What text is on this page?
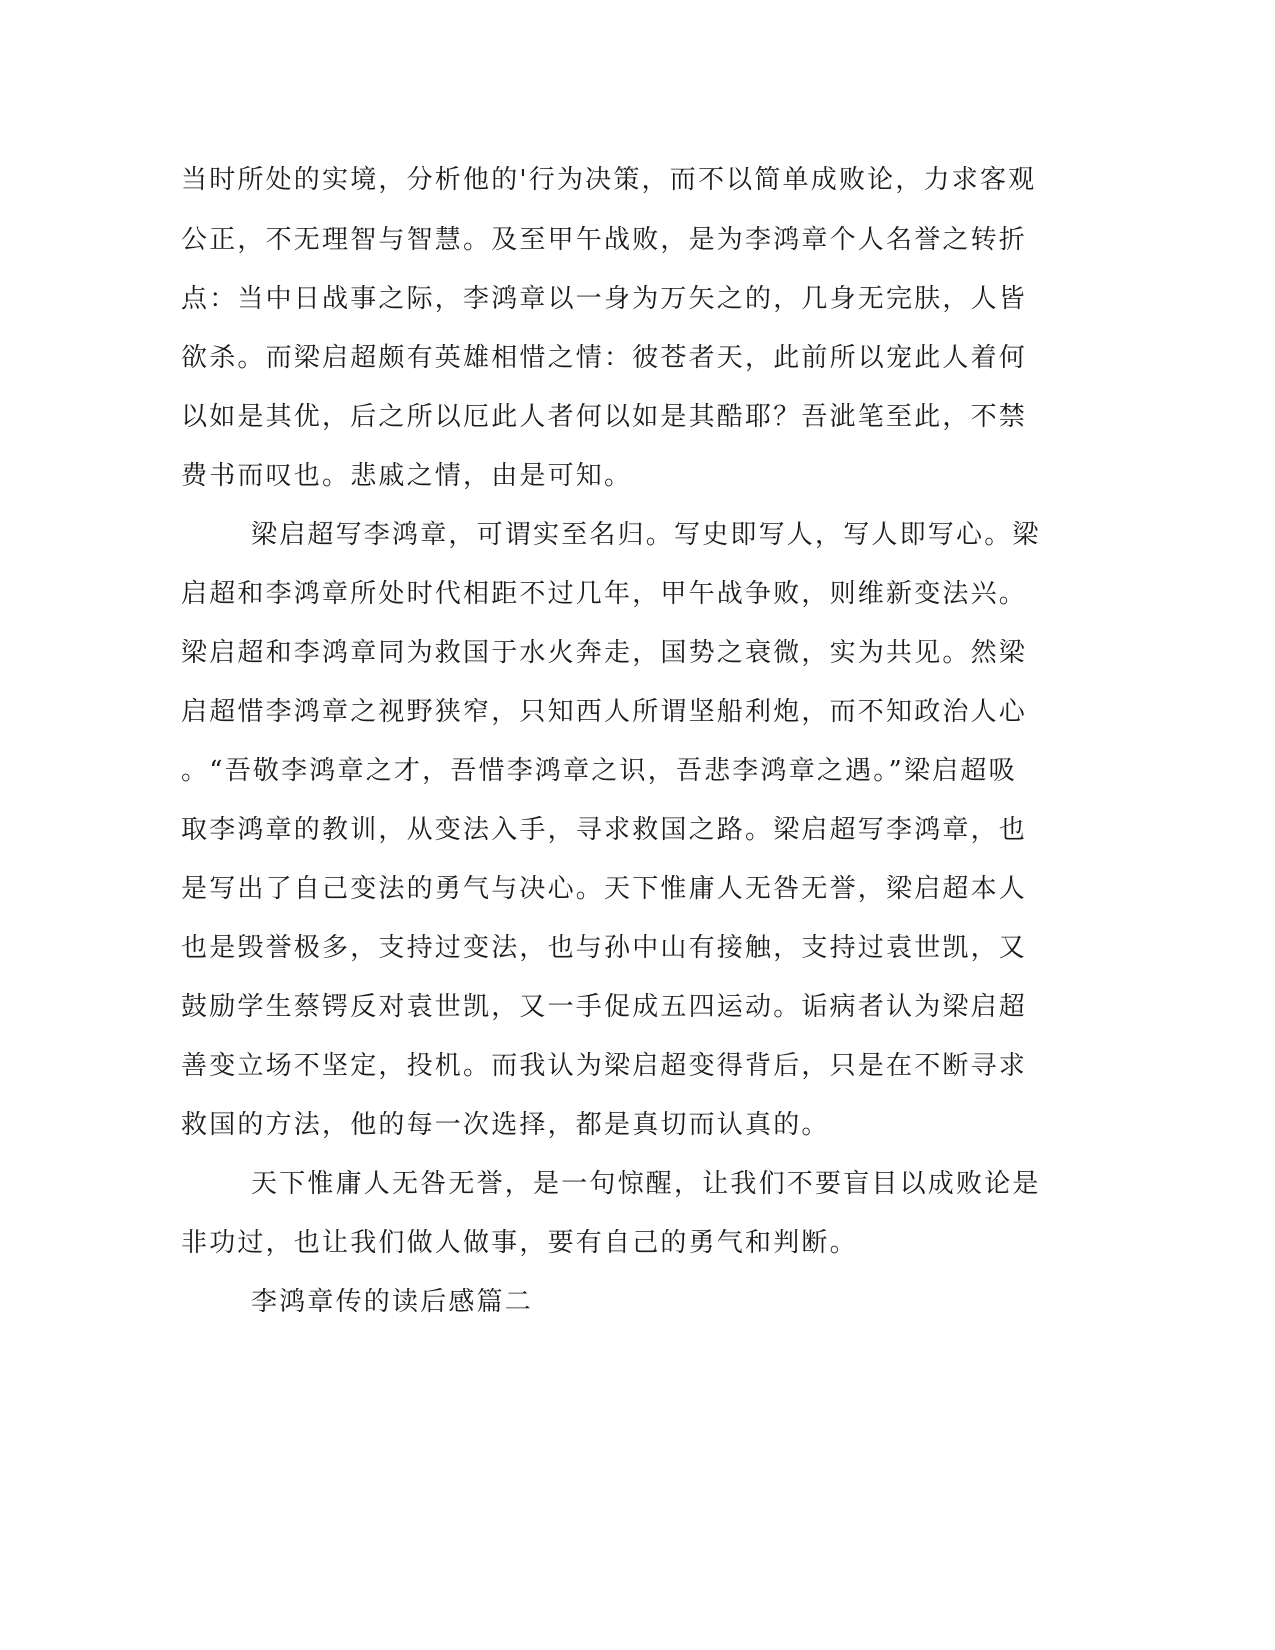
当时所处的实境，分析他的'行为决策，而不以简单成败论，力求客观

公正，不无理智与智慧。及至甲午战败，是为李鸿章个人名誉之转折

点：当中日战事之际，李鸿章以一身为万矢之的，几身无完肤，人皆

欲杀。而梁启超颇有英雄相惜之情：彼苍者天，此前所以宠此人着何

以如是其优，后之所以厄此人者何以如是其酷耶？吾泚笔至此，不禁

费书而叹也。悲戚之情，由是可知。

梁启超写李鸿章，可谓实至名归。写史即写人，写人即写心。梁

启超和李鸿章所处时代相距不过几年，甲午战争败，则维新变法兴。

梁启超和李鸿章同为救国于水火奔走，国势之衰微，实为共见。然梁

启超惜李鸿章之视野狭窄，只知西人所谓坚船利炮，而不知政治人心

。“吾敬李鸿章之才，吾惜李鸿章之识，吾悲李鸿章之遇。”梁启超吸

取李鸿章的教训，从变法入手，寻求救国之路。梁启超写李鸿章，也

是写出了自己变法的勇气与决心。天下惟庸人无咎无誉，梁启超本人

也是毁誉极多，支持过变法，也与孙中山有接触，支持过袁世凯，又

鼓励学生蔡锷反对袁世凯，又一手促成五四运动。诟病者认为梁启超

善变立场不坚定，投机。而我认为梁启超变得背后，只是在不断寻求

救国的方法，他的每一次选择，都是真切而认真的。

天下惟庸人无咎无誉，是一句惊醒，让我们不要盲目以成败论是

非功过，也让我们做人做事，要有自己的勇气和判断。

李鸿章传的读后感篇二
